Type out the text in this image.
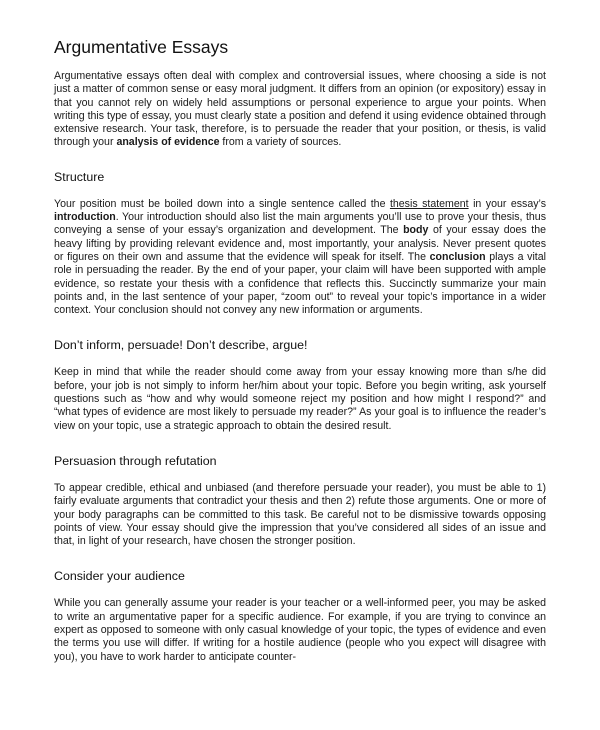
Argumentative Essays

Argumentative essays often deal with complex and controversial issues, where choosing a side is not just a matter of common sense or easy moral judgment. It differs from an opinion (or expository) essay in that you cannot rely on widely held assumptions or personal experience to argue your points. When writing this type of essay, you must clearly state a position and defend it using evidence obtained through extensive research. Your task, therefore, is to persuade the reader that your position, or thesis, is valid through your analysis of evidence from a variety of sources.

Structure

Your position must be boiled down into a single sentence called the thesis statement in your essay’s introduction. Your introduction should also list the main arguments you’ll use to prove your thesis, thus conveying a sense of your essay’s organization and development. The body of your essay does the heavy lifting by providing relevant evidence and, most importantly, your analysis. Never present quotes or figures on their own and assume that the evidence will speak for itself. The conclusion plays a vital role in persuading the reader. By the end of your paper, your claim will have been supported with ample evidence, so restate your thesis with a confidence that reflects this. Succinctly summarize your main points and, in the last sentence of your paper, “zoom out” to reveal your topic’s importance in a wider context. Your conclusion should not convey any new information or arguments.

Don’t inform, persuade! Don’t describe, argue!

Keep in mind that while the reader should come away from your essay knowing more than s/he did before, your job is not simply to inform her/him about your topic. Before you begin writing, ask yourself questions such as “how and why would someone reject my position and how might I respond?” and “what types of evidence are most likely to persuade my reader?” As your goal is to influence the reader’s view on your topic, use a strategic approach to obtain the desired result.

Persuasion through refutation

To appear credible, ethical and unbiased (and therefore persuade your reader), you must be able to 1) fairly evaluate arguments that contradict your thesis and then 2) refute those arguments. One or more of your body paragraphs can be committed to this task. Be careful not to be dismissive towards opposing points of view. Your essay should give the impression that you’ve considered all sides of an issue and that, in light of your research, have chosen the stronger position.

Consider your audience

While you can generally assume your reader is your teacher or a well-informed peer, you may be asked to write an argumentative paper for a specific audience. For example, if you are trying to convince an expert as opposed to someone with only casual knowledge of your topic, the types of evidence and even the terms you use will differ. If writing for a hostile audience (people who you expect will disagree with you), you have to work harder to anticipate counter-
